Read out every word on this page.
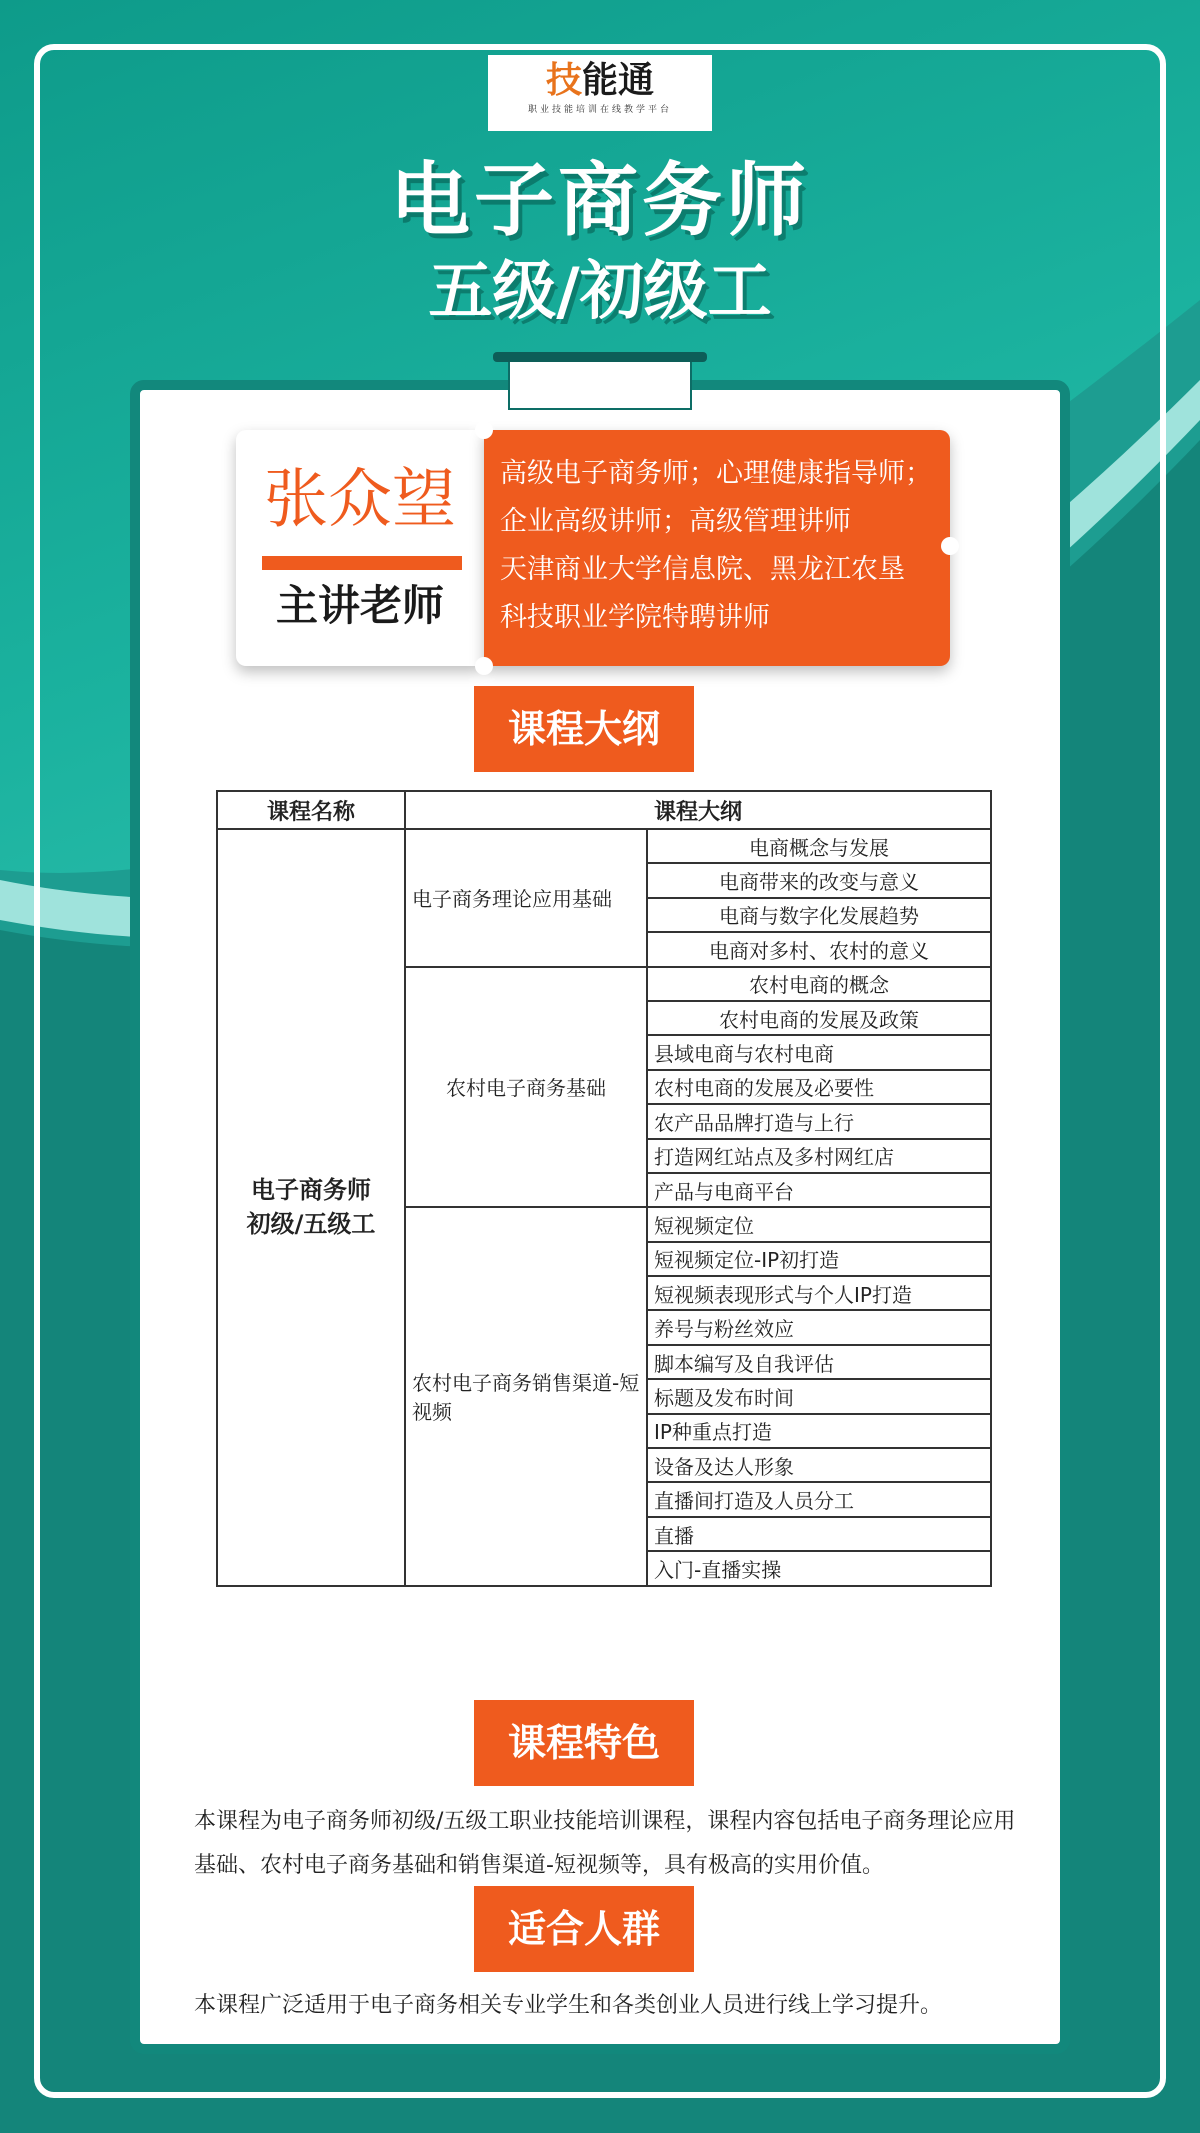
技能通
职业技能培训在线教学平台
电子商务师
五级/初级工
张众望
主讲老师
高级电子商务师；心理健康指导师；
企业高级讲师；高级管理讲师
天津商业大学信息院、黑龙江农垦
科技职业学院特聘讲师
课程大纲
课程名称	课程大纲	

电子商务师
初级/五级工	电子商务理论应用基础	电商概念与发展
		电商带来的改变与意义
		电商与数字化发展趋势
		电商对多村、农村的意义
	农村电子商务基础	农村电商的概念
		农村电商的发展及政策
		县域电商与农村电商
		农村电商的发展及必要性
		农产品品牌打造与上行
		打造网红站点及多村网红店
		产品与电商平台
	农村电子商务销售渠道-短视频	短视频定位
		短视频定位-IP初打造
		短视频表现形式与个人IP打造
		养号与粉丝效应
		脚本编写及自我评估
		标题及发布时间
		IP种重点打造
		设备及达人形象
		直播间打造及人员分工
		直播
		入门-直播实操
课程特色

本课程为电子商务师初级/五级工职业技能培训课程，课程内容包括电子商务理论应用基础、农村电子商务基础和销售渠道-短视频等，具有极高的实用价值。

适合人群

本课程广泛适用于电子商务相关专业学生和各类创业人员进行线上学习提升。
